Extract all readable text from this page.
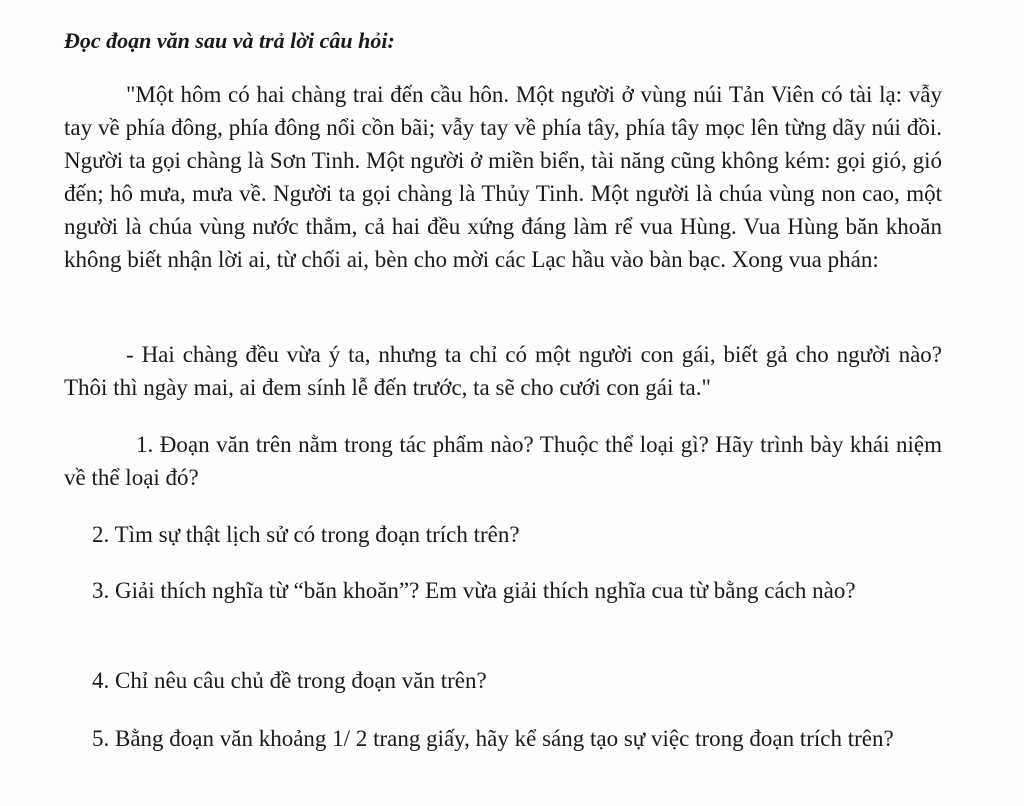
Đọc đoạn văn sau và trả lời câu hỏi:

"Một hôm có hai chàng trai đến cầu hôn. Một người ở vùng núi Tản Viên có tài lạ: vẫy tay về phía đông, phía đông nổi cồn bãi; vẫy tay về phía tây, phía tây mọc lên từng dãy núi đồi. Người ta gọi chàng là Sơn Tinh. Một người ở miền biển, tài năng cũng không kém: gọi gió, gió đến; hô mưa, mưa về. Người ta gọi chàng là Thủy Tinh. Một người là chúa vùng non cao, một người là chúa vùng nước thẳm, cả hai đều xứng đáng làm rể vua Hùng. Vua Hùng băn khoăn không biết nhận lời ai, từ chối ai, bèn cho mời các Lạc hầu vào bàn bạc. Xong vua phán:

- Hai chàng đều vừa ý ta, nhưng ta chỉ có một người con gái, biết gả cho người nào? Thôi thì ngày mai, ai đem sính lễ đến trước, ta sẽ cho cưới con gái ta."

1. Đoạn văn trên nằm trong tác phẩm nào? Thuộc thể loại gì? Hãy trình bày khái niệm về thể loại đó?

2. Tìm sự thật lịch sử có trong đoạn trích trên?

3. Giải thích nghĩa từ “băn khoăn”? Em vừa giải thích nghĩa cua từ bằng cách nào?

4. Chỉ nêu câu chủ đề trong đoạn văn trên?

5. Bằng đoạn văn khoảng 1/ 2 trang giấy, hãy kể sáng tạo sự việc trong đoạn trích trên?
